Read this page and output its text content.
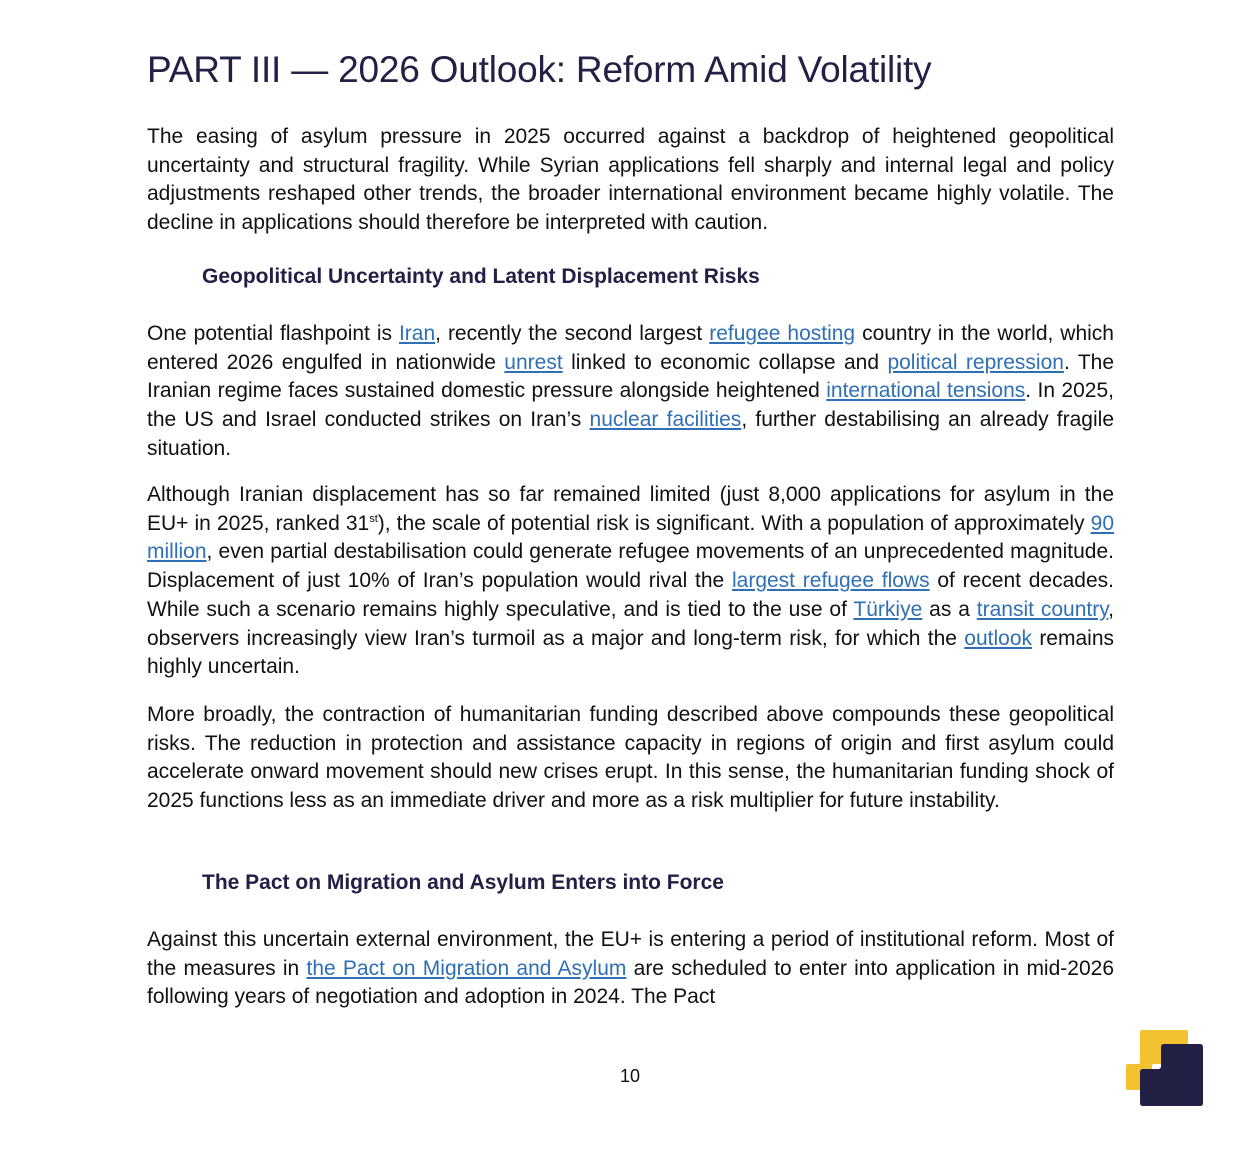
PART III — 2026 Outlook: Reform Amid Volatility

The easing of asylum pressure in 2025 occurred against a backdrop of heightened geopolitical uncertainty and structural fragility. While Syrian applications fell sharply and internal legal and policy adjustments reshaped other trends, the broader international environment became highly volatile. The decline in applications should therefore be interpreted with caution.

Geopolitical Uncertainty and Latent Displacement Risks

One potential flashpoint is Iran, recently the second largest refugee hosting country in the world, which entered 2026 engulfed in nationwide unrest linked to economic collapse and political repression. The Iranian regime faces sustained domestic pressure alongside heightened international tensions. In 2025, the US and Israel conducted strikes on Iran’s nuclear facilities, further destabilising an already fragile situation.

Although Iranian displacement has so far remained limited (just 8,000 applications for asylum in the EU+ in 2025, ranked 31st), the scale of potential risk is significant. With a population of approximately 90 million, even partial destabilisation could generate refugee movements of an unprecedented magnitude. Displacement of just 10% of Iran’s population would rival the largest refugee flows of recent decades. While such a scenario remains highly speculative, and is tied to the use of Türkiye as a transit country, observers increasingly view Iran’s turmoil as a major and long-term risk, for which the outlook remains highly uncertain.

More broadly, the contraction of humanitarian funding described above compounds these geopolitical risks. The reduction in protection and assistance capacity in regions of origin and first asylum could accelerate onward movement should new crises erupt. In this sense, the humanitarian funding shock of 2025 functions less as an immediate driver and more as a risk multiplier for future instability.

The Pact on Migration and Asylum Enters into Force

Against this uncertain external environment, the EU+ is entering a period of institutional reform. Most of the measures in the Pact on Migration and Asylum are scheduled to enter into application in mid-2026 following years of negotiation and adoption in 2024. The Pact

10
